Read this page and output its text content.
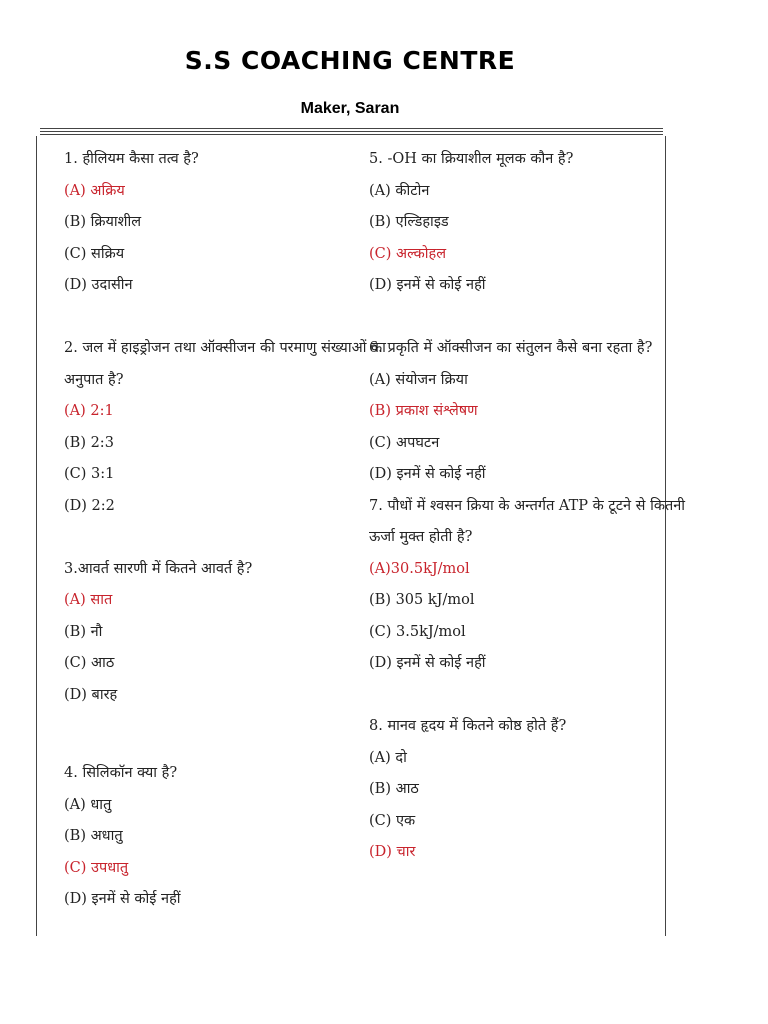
S.S COACHING CENTRE
Maker, Saran
1. हीलियम कैसा तत्व है?
(A) अक्रिय
(B) क्रियाशील
(C) सक्रिय
(D) उदासीन
2. जल में हाइड्रोजन तथा ऑक्सीजन की परमाणु संख्याओं का
अनुपात है?
(A) 2:1
(B) 2:3
(C) 3:1
(D) 2:2
3.आवर्त सारणी में कितने आवर्त है?
(A) सात
(B) नौ
(C) आठ
(D) बारह
4. सिलिकॉन क्या है?
(A) धातु
(B) अधातु
(C) उपधातु
(D) इनमें से कोई नहीं
5. -OH का क्रियाशील मूलक कौन है?
(A) कीटोन
(B) एल्डिहाइड
(C) अल्कोहल
(D) इनमें से कोई नहीं
6. प्रकृति में ऑक्सीजन का संतुलन कैसे बना रहता है?
(A) संयोजन क्रिया
(B) प्रकाश संश्लेषण
(C) अपघटन
(D) इनमें से कोई नहीं
7. पौधों में श्वसन क्रिया के अन्तर्गत ATP के टूटने से कितनी
ऊर्जा मुक्त होती है?
(A)30.5kJ/mol
(B) 305 kJ/mol
(C) 3.5kJ/mol
(D) इनमें से कोई नहीं
8. मानव हृदय में कितने कोष्ठ होते हैं?
(A) दो
(B) आठ
(C) एक
(D) चार
